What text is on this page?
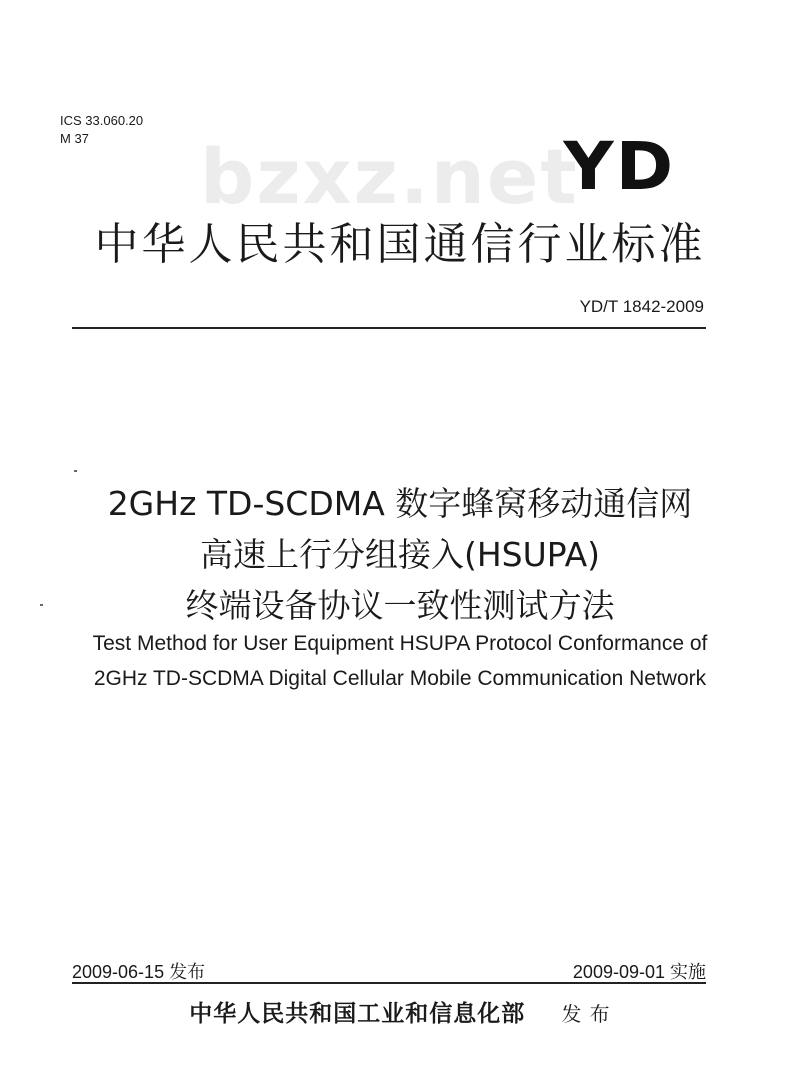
ICS 33.060.20
M 37	bzxz.net
YD
中华人民共和国通信行业标准
YD/T 1842-2009
2GHz TD-SCDMA 数字蜂窝移动通信网
高速上行分组接入(HSUPA)
终端设备协议一致性测试方法
Test Method for User Equipment HSUPA Protocol Conformance of
2GHz TD-SCDMA Digital Cellular Mobile Communication Network
2009-06-15 发布	2009-09-01 实施
中华人民共和国工业和信息化部 发 布
